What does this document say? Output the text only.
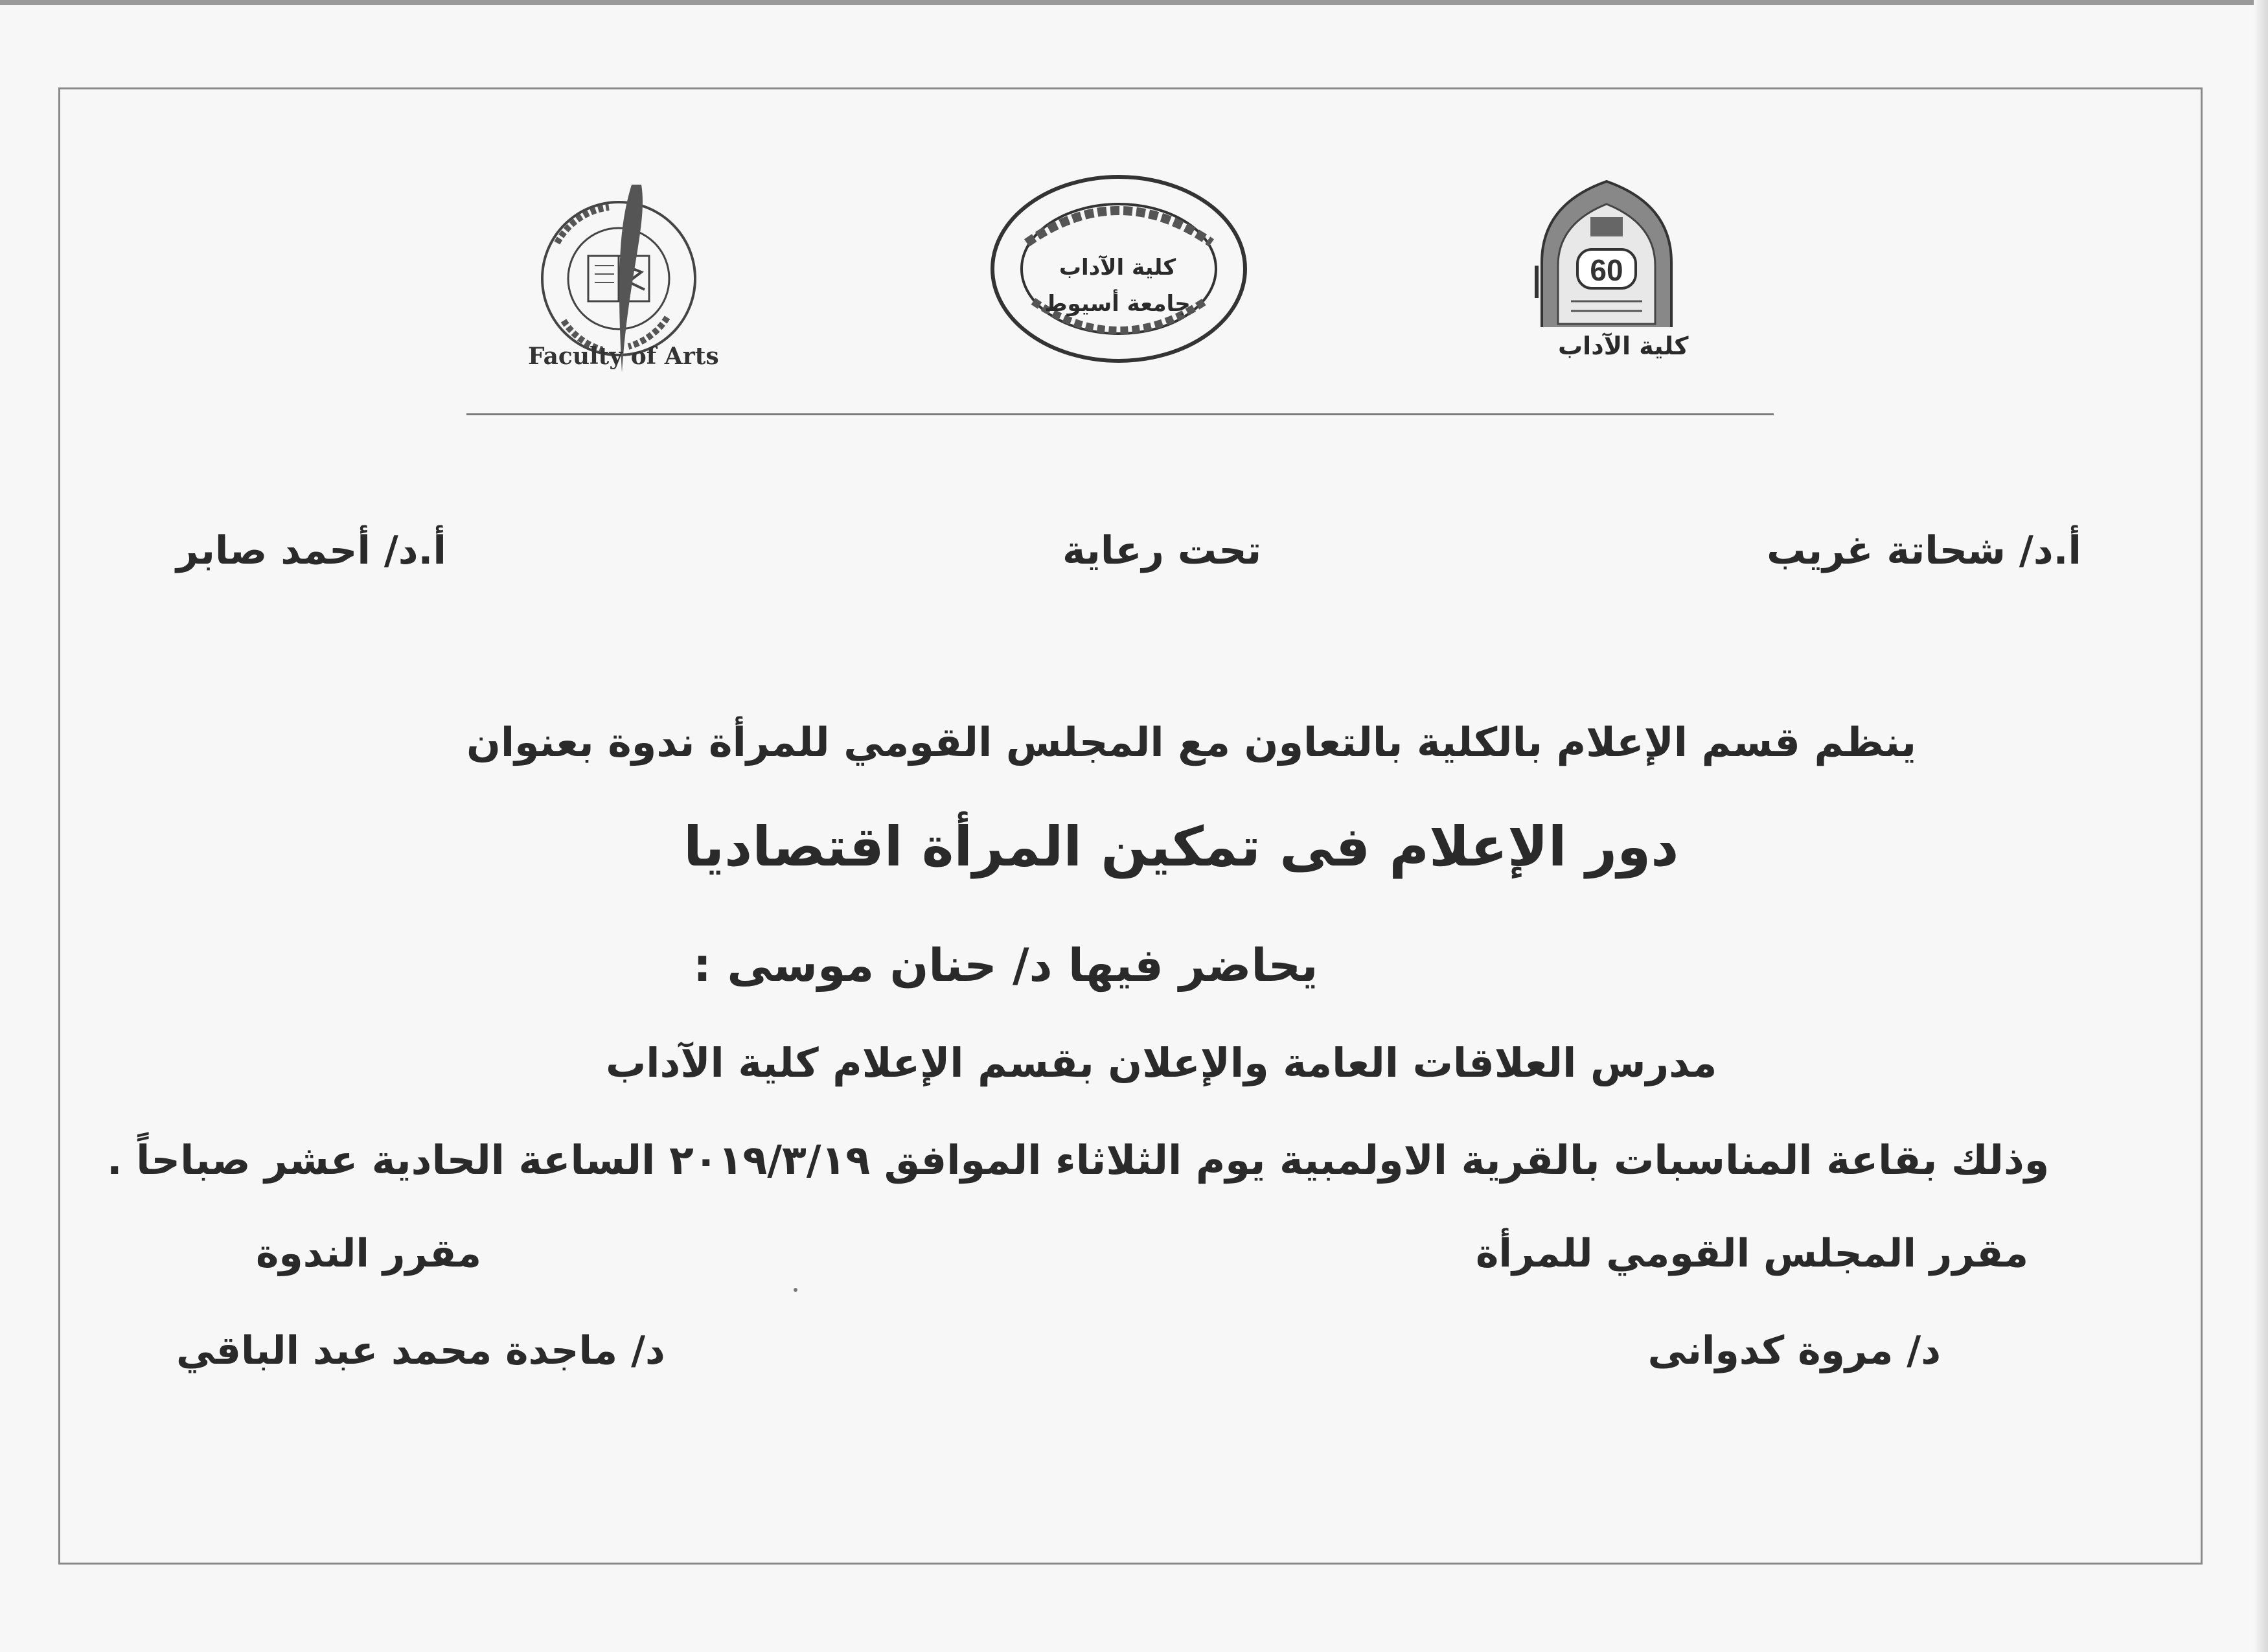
Faculty of Arts
كلية الآداب جامعة أسيوط
60
كلية الآداب
أ.د/ شحاتة غريب
تحت رعاية
أ.د/ أحمد صابر
ينظم قسم الإعلام بالكلية بالتعاون مع المجلس القومي للمرأة ندوة بعنوان
دور الإعلام فى تمكين المرأة اقتصاديا
يحاضر فيها د/ حنان موسى :
مدرس العلاقات العامة والإعلان بقسم الإعلام كلية الآداب
وذلك بقاعة المناسبات بالقرية الاولمبية يوم الثلاثاء الموافق ٢٠١٩/٣/١٩ الساعة الحادية عشر صباحاً .
مقرر المجلس القومي للمرأة
مقرر الندوة
د/ مروة كدوانى
د/ ماجدة محمد عبد الباقي
